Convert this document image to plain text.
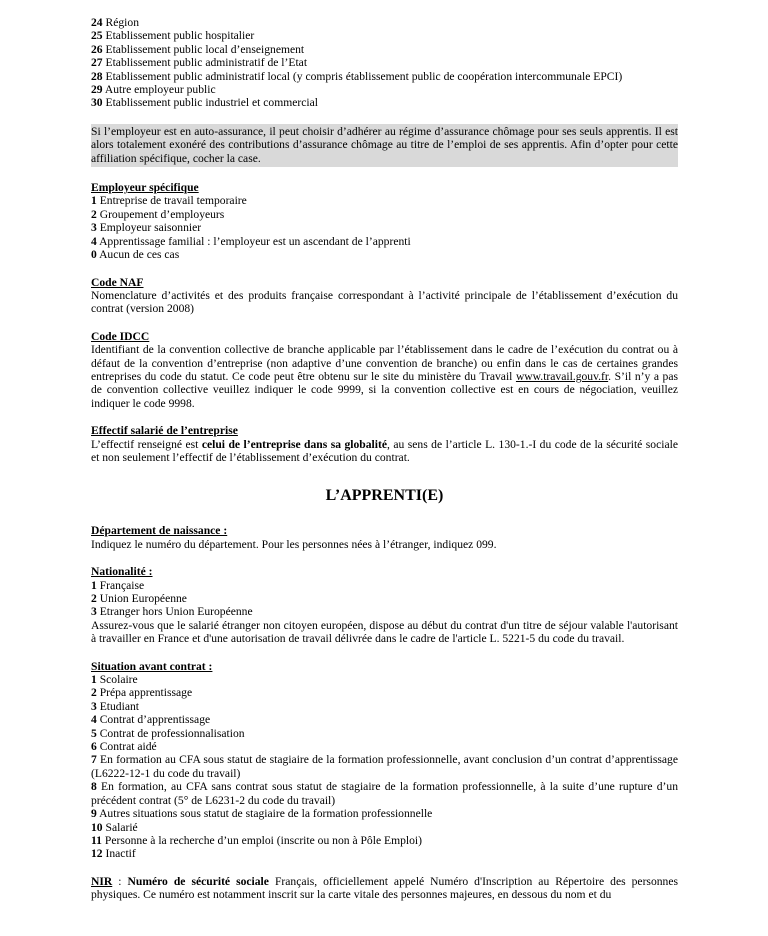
24 Région
25 Etablissement public hospitalier
26 Etablissement public local d’enseignement
27 Etablissement public administratif de l’Etat
28 Etablissement public administratif local (y compris établissement public de coopération intercommunale EPCI)
29 Autre employeur public
30 Etablissement public industriel et commercial
Si l’employeur est en auto-assurance, il peut choisir d’adhérer au régime d’assurance chômage pour ses seuls apprentis. Il est alors totalement exonéré des contributions d’assurance chômage au titre de l’emploi de ses apprentis. Afin d’opter pour cette affiliation spécifique, cocher la case.
Employeur spécifique
1 Entreprise de travail temporaire
2 Groupement d’employeurs
3 Employeur saisonnier
4 Apprentissage familial : l’employeur est un ascendant de l’apprenti
0 Aucun de ces cas
Code NAF
Nomenclature d’activités et des produits française correspondant à l’activité principale de l’établissement d’exécution du contrat (version 2008)
Code IDCC
Identifiant de la convention collective de branche applicable par l’établissement dans le cadre de l’exécution du contrat ou à défaut de la convention d’entreprise (non adaptive d’une convention de branche) ou enfin dans le cas de certaines grandes entreprises du code du statut. Ce code peut être obtenu sur le site du ministère du Travail www.travail.gouv.fr. S’il n’y a pas de convention collective veuillez indiquer le code 9999, si la convention collective est en cours de négociation, veuillez indiquer le code 9998.
Effectif salarié de l’entreprise
L’effectif renseigné est celui de l’entreprise dans sa globalité, au sens de l’article L. 130-1.-I du code de la sécurité sociale et non seulement l’effectif de l’établissement d’exécution du contrat.
L’APPRENTI(E)
Département de naissance :
Indiquez le numéro du département. Pour les personnes nées à l’étranger, indiquez 099.
Nationalité :
1 Française
2 Union Européenne
3 Etranger hors Union Européenne
Assurez-vous que le salarié étranger non citoyen européen, dispose au début du contrat d'un titre de séjour valable l'autorisant à travailler en France et d'une autorisation de travail délivrée dans le cadre de l'article L. 5221-5 du code du travail.
Situation avant contrat :
1 Scolaire
2 Prépa apprentissage
3 Etudiant
4 Contrat d’apprentissage
5 Contrat de professionnalisation
6 Contrat aidé
7 En formation au CFA sous statut de stagiaire de la formation professionnelle, avant conclusion d’un contrat d’apprentissage (L6222-12-1 du code du travail)
8 En formation, au CFA sans contrat sous statut de stagiaire de la formation professionnelle, à la suite d’une rupture d’un précédent contrat (5° de L6231-2 du code du travail)
9 Autres situations sous statut de stagiaire de la formation professionnelle
10 Salarié
11 Personne à la recherche d’un emploi (inscrite ou non à Pôle Emploi)
12 Inactif
NIR : Numéro de sécurité sociale Français, officiellement appelé Numéro d'Inscription au Répertoire des personnes physiques. Ce numéro est notamment inscrit sur la carte vitale des personnes majeures, en dessous du nom et du
